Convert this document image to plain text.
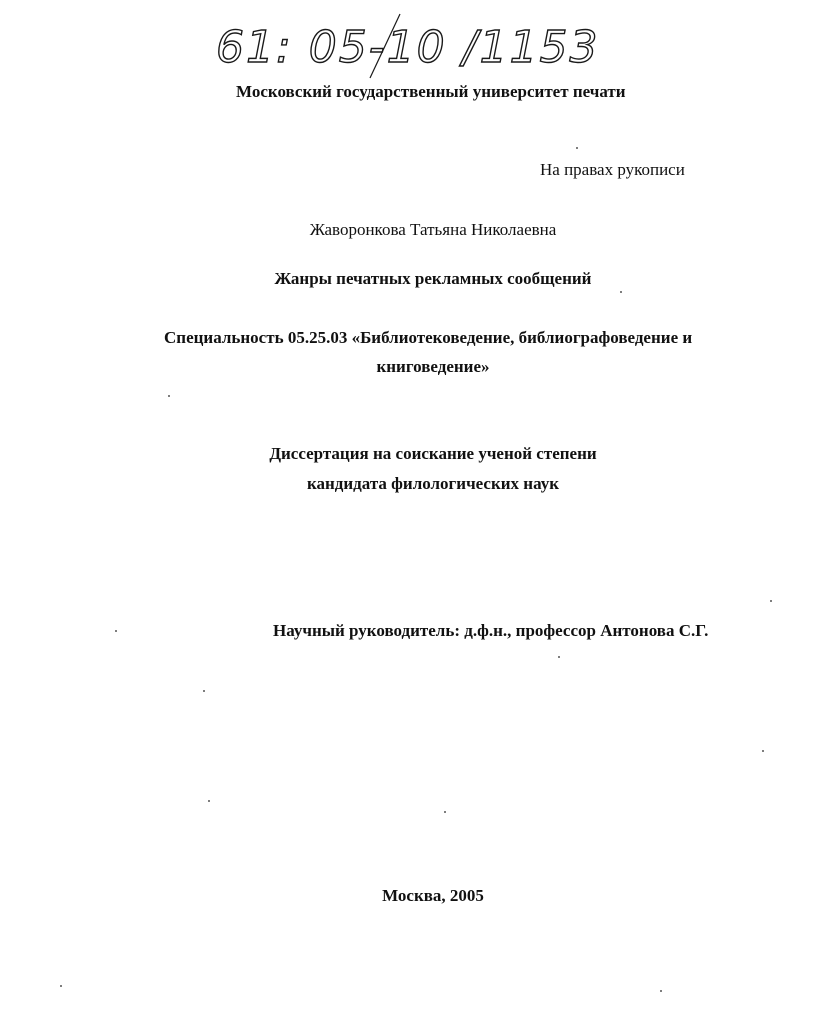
61: 05-10 /1153
Московский государственный университет печати
На правах рукописи
Жаворонкова Татьяна Николаевна
Жанры печатных рекламных сообщений
Специальность 05.25.03 «Библиотековедение, библиографоведение и
книговедение»
Диссертация на соискание ученой степени
кандидата филологических наук
Научный руководитель: д.ф.н., профессор Антонова С.Г.
Москва, 2005
